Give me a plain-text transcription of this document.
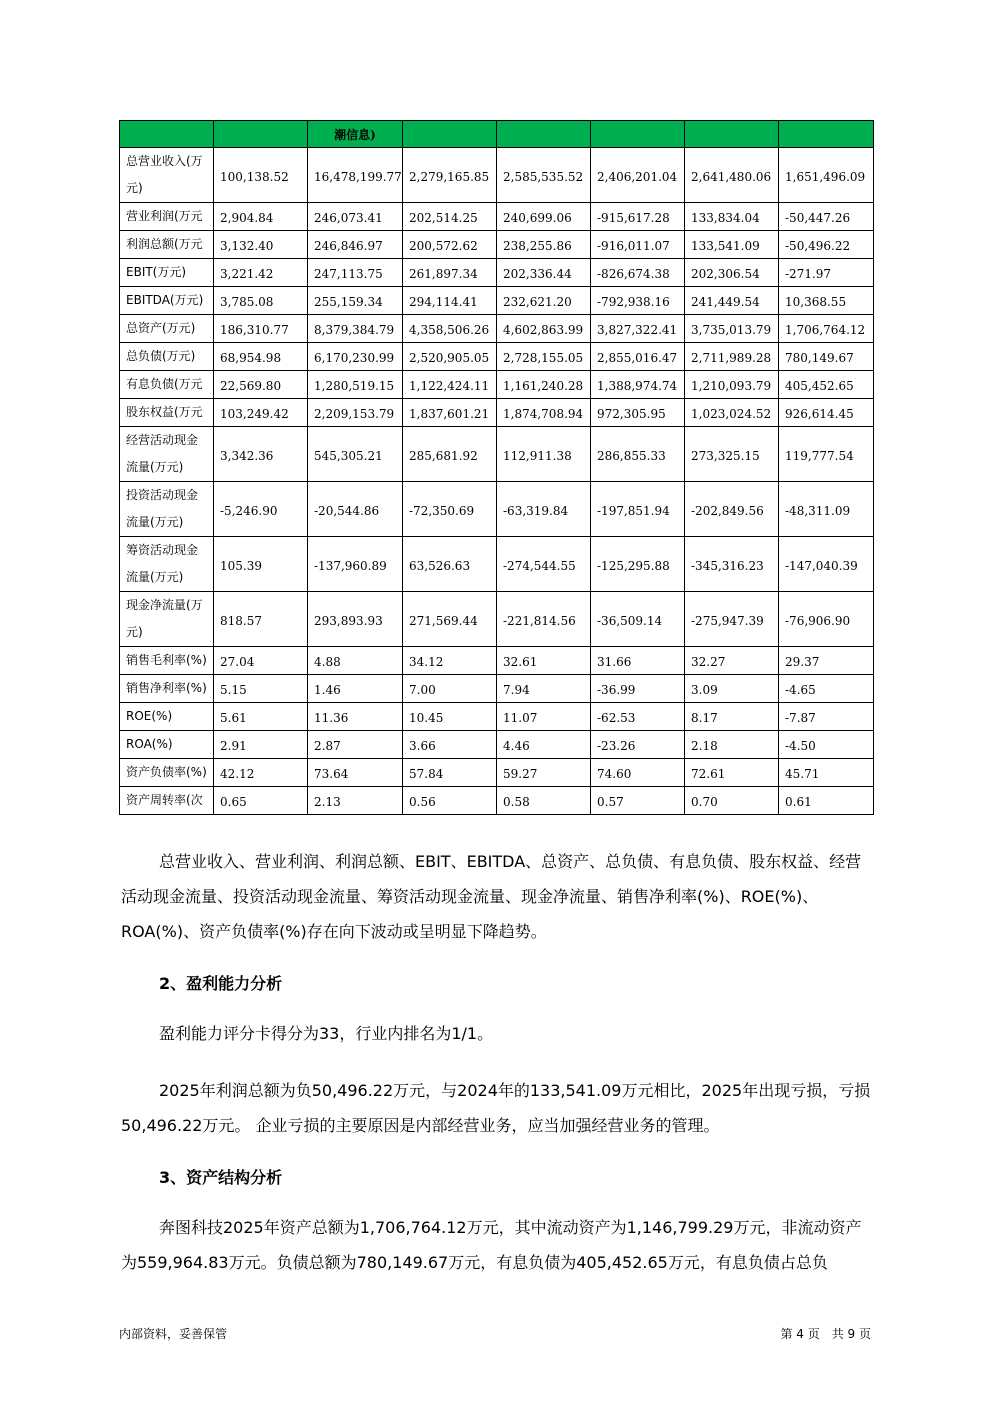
		潮信息)					
总营业收入(万元)	100,138.52	16,478,199.77	2,279,165.85	2,585,535.52	2,406,201.04	2,641,480.06	1,651,496.09
营业利润(万元	2,904.84	246,073.41	202,514.25	240,699.06	-915,617.28	133,834.04	-50,447.26
利润总额(万元	3,132.40	246,846.97	200,572.62	238,255.86	-916,011.07	133,541.09	-50,496.22
EBIT(万元)	3,221.42	247,113.75	261,897.34	202,336.44	-826,674.38	202,306.54	-271.97
EBITDA(万元)	3,785.08	255,159.34	294,114.41	232,621.20	-792,938.16	241,449.54	10,368.55
总资产(万元)	186,310.77	8,379,384.79	4,358,506.26	4,602,863.99	3,827,322.41	3,735,013.79	1,706,764.12
总负债(万元)	68,954.98	6,170,230.99	2,520,905.05	2,728,155.05	2,855,016.47	2,711,989.28	780,149.67
有息负债(万元	22,569.80	1,280,519.15	1,122,424.11	1,161,240.28	1,388,974.74	1,210,093.79	405,452.65
股东权益(万元	103,249.42	2,209,153.79	1,837,601.21	1,874,708.94	972,305.95	1,023,024.52	926,614.45
经营活动现金流量(万元)	3,342.36	545,305.21	285,681.92	112,911.38	286,855.33	273,325.15	119,777.54
投资活动现金流量(万元)	-5,246.90	-20,544.86	-72,350.69	-63,319.84	-197,851.94	-202,849.56	-48,311.09
筹资活动现金流量(万元)	105.39	-137,960.89	63,526.63	-274,544.55	-125,295.88	-345,316.23	-147,040.39
现金净流量(万元)	818.57	293,893.93	271,569.44	-221,814.56	-36,509.14	-275,947.39	-76,906.90
销售毛利率(%)	27.04	4.88	34.12	32.61	31.66	32.27	29.37
销售净利率(%)	5.15	1.46	7.00	7.94	-36.99	3.09	-4.65
ROE(%)	5.61	11.36	10.45	11.07	-62.53	8.17	-7.87
ROA(%)	2.91	2.87	3.66	4.46	-23.26	2.18	-4.50
资产负债率(%)	42.12	73.64	57.84	59.27	74.60	72.61	45.71
资产周转率(次	0.65	2.13	0.56	0.58	0.57	0.70	0.61

总营业收入、营业利润、利润总额、EBIT、EBITDA、总资产、总负债、有息负债、股东权益、经营活动现金流量、投资活动现金流量、筹资活动现金流量、现金净流量、销售净利率(%)、ROE(%)、ROA(%)、资产负债率(%)存在向下波动或呈明显下降趋势。

2、盈利能力分析

盈利能力评分卡得分为33，行业内排名为1/1。

2025年利润总额为负50,496.22万元，与2024年的133,541.09万元相比，2025年出现亏损，亏损50,496.22万元。 企业亏损的主要原因是内部经营业务，应当加强经营业务的管理。

3、资产结构分析

奔图科技2025年资产总额为1,706,764.12万元，其中流动资产为1,146,799.29万元，非流动资产为559,964.83万元。负债总额为780,149.67万元，有息负债为405,452.65万元，有息负债占总负

内部资料，妥善保管	第 4 页　共 9 页
